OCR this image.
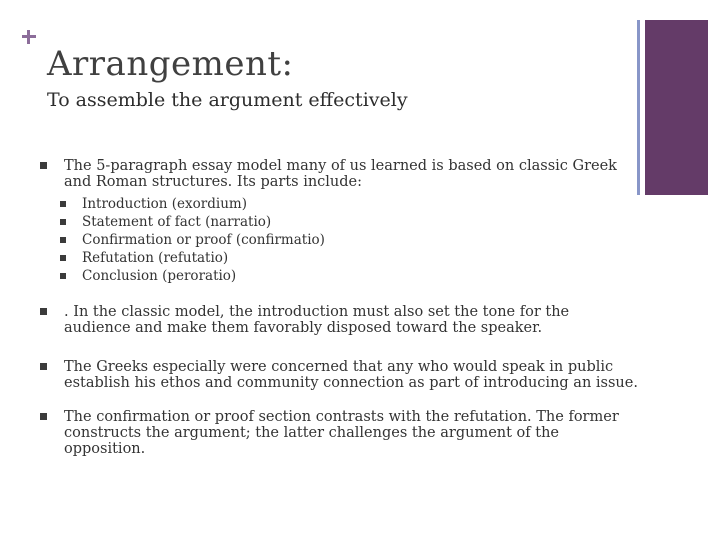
Arrangement:
To assemble the argument effectively
The 5-paragraph essay model many of us learned is based on classic Greek and Roman structures. Its parts include:
Introduction (exordium)
Statement of fact (narratio)
Confirmation or proof (confirmatio)
Refutation (refutatio)
Conclusion (peroratio)
. In the classic model, the introduction must also set the tone for the audience and make them favorably disposed toward the speaker.
The Greeks especially were concerned that any who would speak in public establish his ethos and community connection as part of introducing an issue.
The confirmation or proof section contrasts with the refutation. The former constructs the argument; the latter challenges the argument of the opposition.
